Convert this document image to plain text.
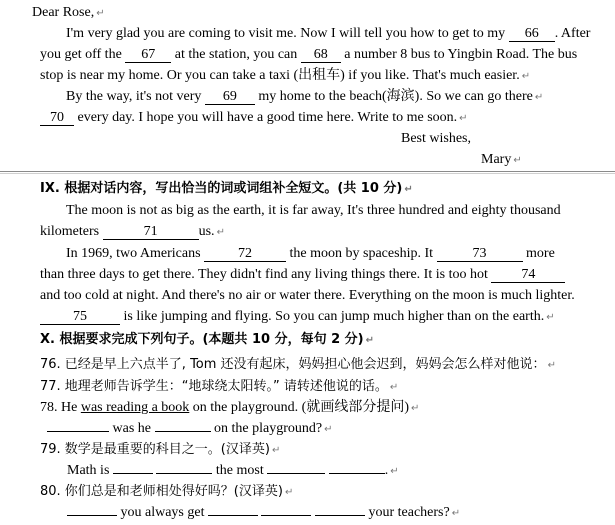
Dear Rose, ↵
I'm very glad you are coming to visit me. Now I will tell you how to get to my 66 . After
you get off the 67 at the station, you can 68 a number 8 bus to Yingbin Road. The bus
stop is near my home. Or you can take a taxi (出租车) if you like. That's much easier. ↵
By the way, it's not very 69 my home to the beach(海滨). So we can go there ↵
70 every day. I hope you will have a good time here. Write to me soon. ↵
Best wishes,
Mary ↵
IX. 根据对话内容，写出恰当的词或词组补全短文。(共 10 分) ↵
The moon is not as big as the earth, it is far away, It's three hundred and eighty thousand
kilometers	71	us. ↵
In 1969, two Americans	72	the moon by spaceship. It	73	more
than three days to get there. They didn't find any living things there. It is too hot 74
and too cold at night. And there's no air or water there. Everything on the moon is much lighter.
75	is like jumping and flying. So you can jump much higher than on the earth. ↵
X. 根据要求完成下列句子。(本题共 10 分，每句 2 分) ↵
76. 已经是早上六点半了, Tom 还没有起床，妈妈担心他会迟到，妈妈会怎么样对他说： ↵
77. 地理老师告诉学生：“地球绕太阳转。” 请转述他说的话。 ↵
78. He was reading a book on the playground. (就画线部分提问) ↵
was he	on the playground? ↵
79. 数学是最重要的科目之一。(汉译英) ↵
Math is	the most	. ↵
80. 你们总是和老师相处得好吗？(汉译英) ↵
you always get	your teachers? ↵
